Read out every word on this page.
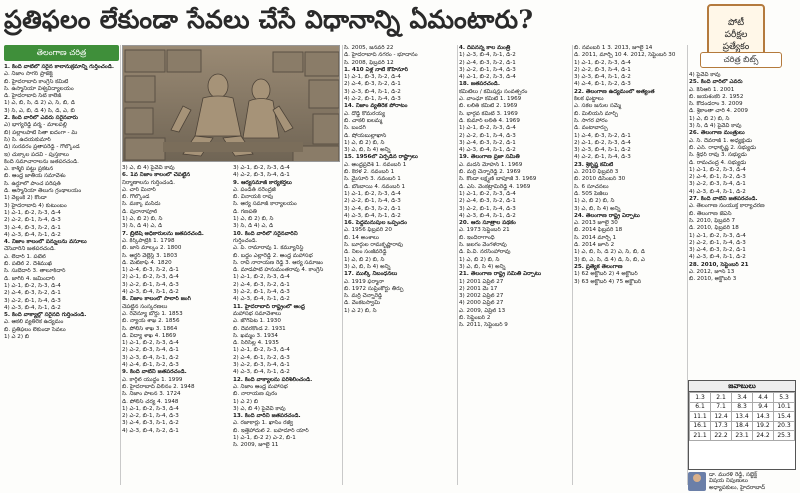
ప్రతిఫలం లేకుండా సేవలు చేసే విధానాన్ని ఏమంటారు?	పోటీ
పరీక్షల
ప్రత్యేకం
చరిత్ర బిట్స్
తెలంగాణ చరిత్ర
1. కింది వాటిలో సరైన కాలానుక్రమాన్ని గుర్తించండి.
ఎ. నిజాం సాగర్ ప్రాజెక్ట్
బి. హైదరాబాద్ కాంగ్రెస్ కమిటీ
సి. ఉస్మానియా విశ్వవిద్యాలయం
డి. హైదరాబాద్ సిటీ కాలేజ్
1) ఎ, బి, సి, డి 2) ఎ, సి, బి, డి
3) సి, ఎ, బి, డి 4) సి, డి, ఎ, బి
2. కింది వారిలో ఎవరు సరైనవారు
ఎ) భాగ్యరెడ్డి వర్మ - మాలపల్లి
బి) పల్లాలపాటి సీతా ఐదంగా - మ్
సి) సి. ఉదయకుమార్
డి) సురవరం ప్రతాపరెడ్డి - గోల్కొండ
ఇ) చుక్కాల పదవి - పుస్తకాలు
కింది సమాచారాలను జతపరచండి.
ఎ. కాశ్మీర్ పట్టు ప్రకటన
బి. ఆంధ్ర జాతీయ సమావేశం
సి. ఉర్దూలో పాంచ పరిషత్
డి. ఆస్మానియా తెలుగు గ్రంథాలయం
1) వెల్లంకి 2) కొండా
3) హైదరాబాద్ 4) కుటుంబం
1) ఎ-1, బి-2, సి-3, డి-4
2) ఎ-2, బి-1, సి-4, డి-3
3) ఎ-4, బి-3, సి-2, డి-1
4) ఎ-3, బి-4, సి-1, డి-2
4. నిజాం కాలంలో పన్నులను వసూలు
చేసేవారిని జతపరచండి.
ఎ. లేదార్ 1. పటేల్
బి. పటేల్ 2. దేశ్‌ముఖ్
సి. సుబేదార్ 3. తాలూక్‌దార్
డి. జాగీర్ 4. జమీందార్
1) ఎ-1, బి-2, సి-3, డి-4
2) ఎ-4, బి-3, సి-2, డి-1
3) ఎ-2, బి-1, సి-4, డి-3
4) ఎ-3, బి-4, సి-1, డి-2
5. కింది వాక్యాల్లో సరైనది గుర్తించండి.
ఎ. ఆకలి వ్యతిరేక ఉద్యమం
బి. ప్రతిఫలం లేకుండా సేవలు
1) ఎ 2) బి
3) ఎ, బి 4) పైవేవీ కావు
6. 1వ నిజాం కాలంలో చేపట్టిన
నిర్మాణాలను గుర్తించండి.
ఎ. చార్ మినార్
బి. గోల్కొండ
సి. మక్కా మసీదు
డి. పురానాపూల్
1) ఎ, బి 2) బి, సి
3) సి, డి 4) ఎ, డి
7. బ్రిటిష్ అధికారులను జతపరచండి.
ఎ. కిర్క్‌పాట్రిక్ 1. 1798
బి. జాన్ మాల్కం 2. 1800
సి. ఆర్థర్ వెల్లెస్లీ 3. 1803
డి. మెట్‌కాఫ్ 4. 1820
1) ఎ-4, బి-3, సి-2, డి-1
2) ఎ-1, బి-2, సి-3, డి-4
3) ఎ-2, బి-1, సి-4, డి-3
4) ఎ-3, బి-4, సి-1, డి-2
8. నిజాం కాలంలో సాలార్ జంగ్
చేపట్టిన సంస్కరణలు
ఎ. రెవెన్యూ బోర్డు 1. 1853
బి. న్యాయ శాఖ 2. 1856
సి. పోలీస్ శాఖ 3. 1864
డి. విద్యా శాఖ 4. 1869
1) ఎ-1, బి-2, సి-3, డి-4
2) ఎ-2, బి-3, సి-4, డి-1
3) ఎ-3, బి-4, సి-1, డి-2
4) ఎ-4, బి-1, సి-2, డి-3
9. కింది వాటిని జతపరచండి.
ఎ. కార్గిల్ యుద్ధం 1. 1999
బి. హైదరాబాద్ విలీనం 2. 1948
సి. నిజాం పాలన 3. 1724
డి. పోలీస్ చర్య 4. 1948
1) ఎ-1, బి-2, సి-3, డి-4
2) ఎ-2, బి-1, సి-4, డి-3
3) ఎ-4, బి-3, సి-1, డి-2
4) ఎ-3, బి-4, సి-2, డి-1
3) ఎ-1, బి-2, సి-3, డి-4
4) ఎ-2, బి-3, సి-4, డి-1
9. ఆర్యసమాజ్ కార్యకర్తలు
ఎ. పండిత్ నరేంద్రజీ
బి. వినాయక్ రావు
సి. ఆర్య సమాజ్ కార్యాలయం
డి. గణపతి
1) ఎ, బి 2) బి, సి
3) సి, డి 4) ఎ, డి
10. కింది వారిలో సరైనవారిని
గుర్తించండి.
ఎ. పీ. రామారావు 1. కమ్యూనిస్ట్
బి. బద్దం ఎల్లారెడ్డి 2. ఆంధ్ర మహాసభ
సి. రావి నారాయణ రెడ్డి 3. ఆర్య సమాజం
డి. మాడపాటి హనుమంతరావు 4. కాంగ్రెస్
1) ఎ-1, బి-2, సి-3, డి-4
2) ఎ-4, బి-3, సి-2, డి-1
3) ఎ-2, బి-1, సి-4, డి-3
4) ఎ-3, బి-4, సి-1, డి-2
11. హైదరాబాద్ రాష్ట్రంలో ఆంధ్ర
మహాసభ సమావేశాలు
ఎ. జోగిపేట 1. 1930
బి. దేవరకొండ 2. 1931
సి. ఖమ్మం 3. 1934
డి. సిరిసిల్ల 4. 1935
1) ఎ-1, బి-2, సి-3, డి-4
2) ఎ-4, బి-1, సి-2, డి-3
3) ఎ-2, బి-3, సి-4, డి-1
4) ఎ-3, బి-4, సి-1, డి-2
12. కింది వాక్యాలను పరిశీలించండి.
ఎ. నిజాం ఆంధ్ర మహాసభ
బి. నారాయణ పురం
1) ఎ 2) బి
3) ఎ, బి 4) పైవేవీ కావు
13. కింది వారిని జతపరచండి.
ఎ. రజాకార్లు 1. ఖాసీం రజ్వీ
బి. ఇత్తెహాదుల్ 2. బహదూర్ యార్
1) ఎ-1, బి-2 2) ఎ-2, బి-1
సి. 2009, జూలై 11
సి. 2005, జనవరి 22
డి. హైదరాబాద్ నగరం - భూదానం
సి. 2008, ఫిబ్రవరి 12
1. 410 ఏళ్ల నాటి కోహినూర్
1) ఎ-1, బి-3, సి-2, డి-4
2) ఎ-4, బి-3, సి-2, డి-1
3) ఎ-3, బి-4, సి-1, డి-2
4) ఎ-2, బి-1, సి-4, డి-3
14. నిజాం వ్యతిరేక పోరాటం
ఎ. దొడ్డి కొమరయ్య
బి. చాకలి ఐలమ్మ
సి. బందగి
డి. షోయబుల్లాఖాన్
1) ఎ, బి 2) బి, సి
3) ఎ, బి, సి 4) అన్నీ
15. 1956లో ఏర్పడిన రాష్ట్రాలు
ఎ. ఆంధ్రప్రదేశ్ 1. నవంబర్ 1
బి. కేరళ 2. నవంబర్ 1
సి. మైసూర్ 3. నవంబర్ 1
డి. బొంబాయి 4. నవంబర్ 1
1) ఎ-1, బి-2, సి-3, డి-4
2) ఎ-2, బి-1, సి-4, డి-3
3) ఎ-4, బి-3, సి-2, డి-1
4) ఎ-3, బి-4, సి-1, డి-2
16. పెద్దమనుషుల ఒప్పందం
ఎ. 1956 ఫిబ్రవరి 20
బి. 14 అంశాలు
సి. బూర్గుల రామకృష్ణారావు
డి. నీలం సంజీవరెడ్డి
1) ఎ, బి 2) బి, సి
3) ఎ, బి, సి 4) అన్నీ
17. ముల్కీ నిబంధనలు
ఎ. 1919 ఫర్మానా
బి. 1972 సుప్రీంకోర్టు తీర్పు
సి. మర్రి చెన్నారెడ్డి
డి. వెంకటస్వామి
1) ఎ 2) బి, సి
4. దిపనన్న కాల మంత్రి
1) ఎ-3, బి-4, సి-1, డి-2
2) ఎ-4, బి-3, సి-2, డి-1
3) ఎ-2, బి-1, సి-4, డి-3
4) ఎ-1, బి-2, సి-3, డి-4
18. జతపరచండి.
కమిటీలు / కమిషన్లు సంవత్సరం
ఎ. వాంఛూ కమిటీ 1. 1969
బి. లలిత్ కమిటీ 2. 1969
సి. భార్గవ కమిటీ 3. 1969
డి. కుమార్ లలిత్ 4. 1969
1) ఎ-1, బి-2, సి-3, డి-4
2) ఎ-2, బి-1, సి-4, డి-3
3) ఎ-4, బి-3, సి-2, డి-1
4) ఎ-3, బి-4, సి-1, డి-2
19. తెలంగాణ ప్రజా సమితి
ఎ. మదన్ మోహన్ 1. 1969
బి. మర్రి చెన్నారెడ్డి 2. 1969
సి. కొండా లక్ష్మణ్ బాపూజీ 3. 1969
డి. ఎస్. వెంకట్రామిరెడ్డి 4. 1969
1) ఎ-1, బి-2, సి-3, డి-4
2) ఎ-4, బి-3, సి-2, డి-1
3) ఎ-2, బి-1, సి-4, డి-3
4) ఎ-3, బి-4, సి-1, డి-2
20. ఆరు సూత్రాల పథకం
ఎ. 1973 సెప్టెంబర్ 21
బి. ఇందిరాగాంధీ
సి. జలగం వెంగళరావు
డి. పి.వి. నరసింహారావు
1) ఎ, బి 2) బి, సి
3) ఎ, బి, సి 4) అన్నీ
21. తెలంగాణ రాష్ట్ర సమితి ఏర్పాటు
1) 2001 ఏప్రిల్ 27
2) 2001 మే 17
3) 2002 ఏప్రిల్ 27
4) 2000 ఏప్రిల్ 27
ఎ. 2009, ఏప్రిల్ 13
బి. సెప్టెంబర్ 2
సి. 2011, సెప్టెంబర్ 9
బి. నవంబర్ 1 3. 2013, జూలై 14
డి. 2011, మార్చి 10 4. 2012, సెప్టెంబర్ 30
1) ఎ-1, బి-2, సి-3, డి-4
2) ఎ-2, బి-3, సి-4, డి-1
3) ఎ-3, బి-4, సి-1, డి-2
4) ఎ-4, బి-1, సి-2, డి-3
22. తెలంగాణ ఉద్యమంలో అత్యంత
కీలక ఘట్టాలు
ఎ. సకల జనుల సమ్మె
బి. మిలియన్ మార్చ్
సి. సాగర హారం
డి. వంటావార్పు
1) ఎ-4, బి-3, సి-2, డి-1
2) ఎ-1, బి-2, సి-3, డి-4
3) ఎ-3, బి-4, సి-1, డి-2
4) ఎ-2, బి-1, సి-4, డి-3
23. శ్రీకృష్ణ కమిటీ
ఎ. 2010 ఫిబ్రవరి 3
బి. 2010 డిసెంబర్ 30
సి. 6 సూచనలు
డి. 505 పేజీలు
1) ఎ, బి 2) బి, సి
3) ఎ, బి, సి 4) అన్నీ
24. తెలంగాణ రాష్ట్ర ఏర్పాటు
ఎ. 2013 జూలై 30
బి. 2014 ఫిబ్రవరి 18
సి. 2014 మార్చి 1
డి. 2014 జూన్ 2
1) ఎ, బి, సి, డి 2) ఎ, సి, బి, డి
3) బి, ఎ, సి, డి 4) డి, సి, బి, ఎ
25. ప్రత్యేక తెలంగాణ
1) 62 అక్టోబర్ 2) 4 అక్టోబర్
3) 63 అక్టోబర్ 4) 75 అక్టోబర్
4) పైవేవీ కావు
25. కింది వారిలో ఎవరు
ఎ. కేసీఆర్ 1. 2001
బి. జయశంకర్ 2. 1952
సి. కోదండరాం 3. 2009
డి. శ్రీకాంతా చారి 4. 2009
1) ఎ, బి 2) బి, సి
3) సి, డి 4) పైవేవీ కావు
26. తెలంగాణ మంత్రులు
ఎ. సి. దేవరాజ్ 1. అధ్యక్షుడు
బి. ఎన్. రాధాకృష్ణ 2. సభ్యుడు
సి. శ్రీధర్ రావు 3. సభ్యుడు
డి. రామచంద్ర 4. సభ్యుడు
1) ఎ-1, బి-2, సి-3, డి-4
2) ఎ-4, బి-1, సి-2, డి-3
3) ఎ-2, బి-3, సి-4, డి-1
4) ఎ-3, బి-4, సి-1, డి-2
27. కింది వాటిని జతపరచండి.
ఎ. తెలంగాణ సంయుక్త కార్యాచరణ
బి. తెలంగాణ జేఏసీ
సి. 2010, ఫిబ్రవరి 7
డి. 2010, ఫిబ్రవరి 18
1) ఎ-1, బి-2, సి-3, డి-4
2) ఎ-2, బి-1, సి-4, డి-3
3) ఎ-4, బి-3, సి-2, డి-1
4) ఎ-3, బి-4, సి-1, డి-2
28. 2010, సెప్టెంబర్ 21
ఎ. 2012, జూన్ 13
బి. 2010, అక్టోబర్ 3
జవాబులు
1.3	2.1	3.4	4.4	5.3
6.1	7.1	8.3	9.4	10.1
11.1	12.4	13.4	14.3	15.4
16.1	17.3	18.4	19.2	20.3
21.1	22.2	23.1	24.2	25.3
డా. మురళి రెడ్డి, సబ్జెక్ట్
విషయ నిపుణులు
అధ్యాపకులు, హైదరాబాద్
